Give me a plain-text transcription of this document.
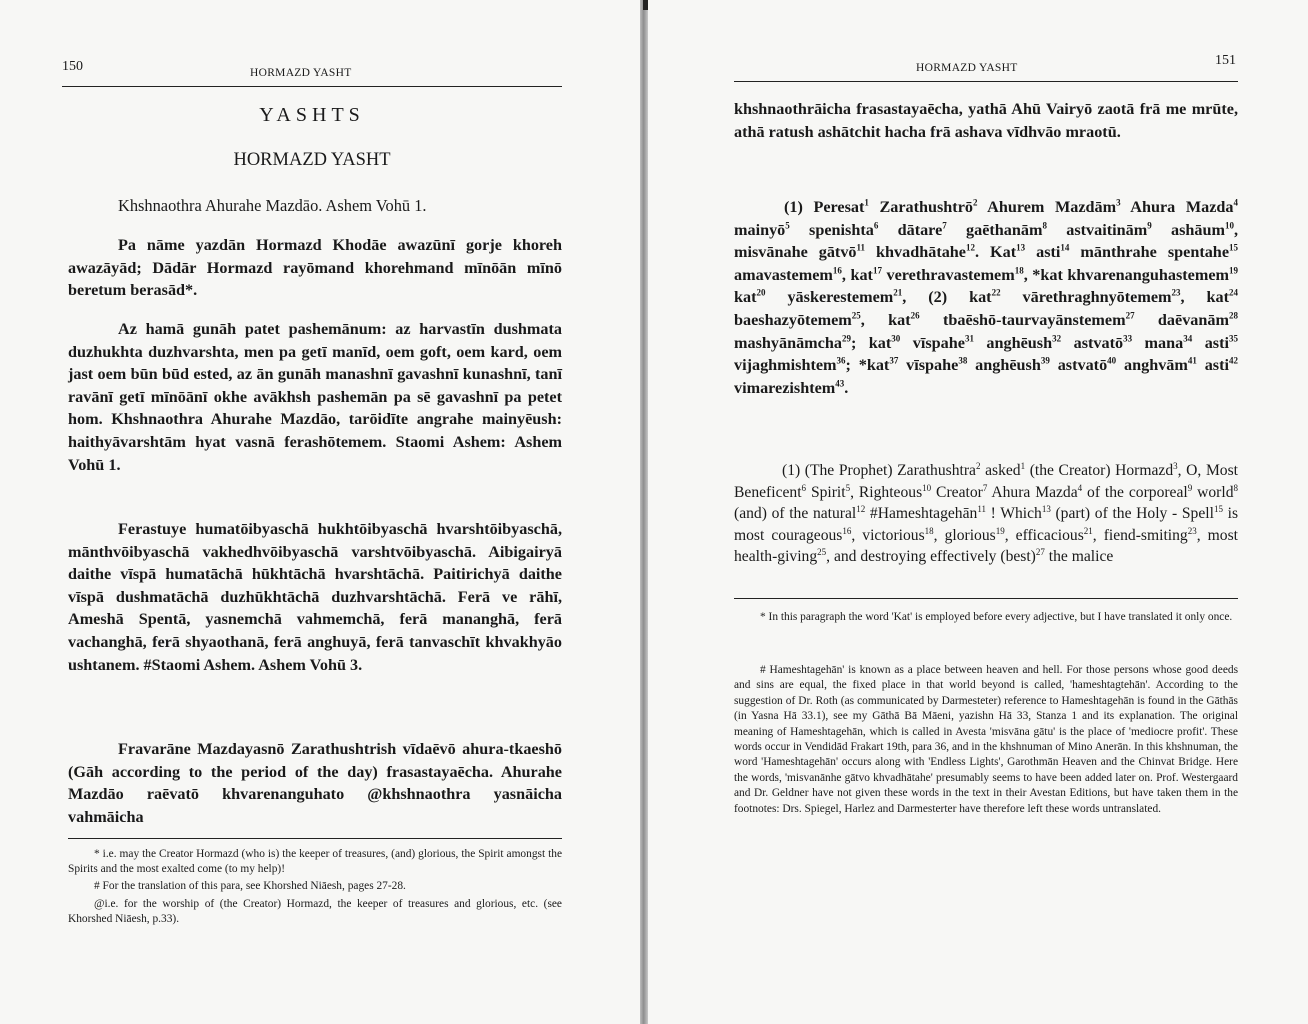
150	HORMAZD YASHT
YASHTS
HORMAZD YASHT

Khshnaothra Ahurahe Mazdāo. Ashem Vohū 1.

Pa nāme yazdān Hormazd Khodāe awazūnī gorje khoreh awazāyād; Dādār Hormazd rayōmand khorehmand mīnōān mīnō beretum berasād*.

Az hamā gunāh patet pashemānum: az harvastīn dushmata duzhukhta duzhvarshta, men pa getī manīd, oem goft, oem kard, oem jast oem būn būd ested, az ān gunāh manashnī gavashnī kunashnī, tanī ravānī getī mīnōānī okhe avākhsh pashemān pa sē gavashnī pa petet hom. Khshnaothra Ahurahe Mazdāo, tarōidīte angrahe mainyēush: haithyāvarshtām hyat vasnā ferashōtemem. Staomi Ashem: Ashem Vohū 1.

Ferastuye humatōibyaschā hukhtōibyaschā hvarshtōibyaschā, mānthvōibyaschā vakhedhvōibyaschā varshtvōibyaschā. Aibigairyā daithe vīspā humatāchā hūkhtāchā hvarshtāchā. Paitirichyā daithe vīspā dushmatāchā duzhūkhtāchā duzhvarshtāchā. Ferā ve rāhī, Ameshā Spentā, yasnemchā vahmemchā, ferā mananghā, ferā vachanghā, ferā shyaothanā, ferā anghuyā, ferā tanvaschīt khvakhyāo ushtanem. #Staomi Ashem. Ashem Vohū 3.

Fravarāne Mazdayasnō Zarathushtrish vīdaēvō ahura-tkaeshō (Gāh according to the period of the day) frasastayaēcha. Ahurahe Mazdāo raēvatō khvarenanguhato @khshnaothra yasnāicha vahmāicha

* i.e. may the Creator Hormazd (who is) the keeper of treasures, (and) glorious, the Spirit amongst the Spirits and the most exalted come (to my help)!

# For the translation of this para, see Khorshed Niāesh, pages 27-28.

@i.e. for the worship of (the Creator) Hormazd, the keeper of treasures and glorious, etc. (see Khorshed Niāesh, p.33).

HORMAZD YASHT	151

khshnaothrāicha frasastayaēcha, yathā Ahū Vairyō zaotā frā me mrūte, athā ratush ashātchit hacha frā ashava vīdhvāo mraotū.

(1) Peresat$^1$ Zarathushtrō$^2$ Ahurem Mazdām$^3$ Ahura Mazda$^4$ mainyō$^5$ spenishta$^6$ dātare$^7$ gaēthanām$^8$ astvaitinām$^9$ ashāum$^{10}$, misvānahe gātvō$^{11}$ khvadhātahe$^{12}$. Kat$^{13}$ asti$^{14}$ mānthrahe spentahe$^{15}$ amavastemem$^{16}$, kat$^{17}$ verethravastemem$^{18}$, *kat khvarenanguhastemem$^{19}$ kat$^{20}$ yāskerestemem$^{21}$, (2) kat$^{22}$ vārethraghnyōtemem$^{23}$, kat$^{24}$ baeshazyōtemem$^{25}$, kat$^{26}$ tbaēshō-taurvayānstemem$^{27}$ daēvanām$^{28}$ mashyānāmcha$^{29}$; kat$^{30}$ vīspahe$^{31}$ anghēush$^{32}$ astvatō$^{33}$ mana$^{34}$ asti$^{35}$ vijaghmishtem$^{36}$; *kat$^{37}$ vīspahe$^{38}$ anghēush$^{39}$ astvatō$^{40}$ anghvām$^{41}$ asti$^{42}$ vimarezishtem$^{43}$.

(1) (The Prophet) Zarathushtra$^2$ asked$^1$ (the Creator) Hormazd$^3$, O, Most Beneficent$^6$ Spirit$^5$, Righteous$^{10}$ Creator$^7$ Ahura Mazda$^4$ of the corporeal$^9$ world$^8$ (and) of the natural$^{12}$ #Hameshtagehān$^{11}$ ! Which$^{13}$ (part) of the Holy - Spell$^{15}$ is most courageous$^{16}$, victorious$^{18}$, glorious$^{19}$, efficacious$^{21}$, fiend-smiting$^{23}$, most health-giving$^{25}$, and destroying effectively (best)$^{27}$ the malice

* In this paragraph the word 'Kat' is employed before every adjective, but I have translated it only once.

# Hameshtagehān' is known as a place between heaven and hell. For those persons whose good deeds and sins are equal, the fixed place in that world beyond is called, 'hameshtagtehān'. According to the suggestion of Dr. Roth (as communicated by Darmesteter) reference to Hameshtagehān is found in the Gāthās (in Yasna Hā 33.1), see my Gāthā Bā Māeni, yazishn Hā 33, Stanza 1 and its explanation. The original meaning of Hameshtagehān, which is called in Avesta 'misvāna gātu' is the place of 'mediocre profit'. These words occur in Vendidād Frakart 19th, para 36, and in the khshnuman of Mino Anerān. In this khshnuman, the word 'Hameshtagehān' occurs along with 'Endless Lights', Garothmān Heaven and the Chinvat Bridge. Here the words, 'misvanānhe gātvo khvadhātahe' presumably seems to have been added later on. Prof. Westergaard and Dr. Geldner have not given these words in the text in their Avestan Editions, but have taken them in the footnotes: Drs. Spiegel, Harlez and Darmesterter have therefore left these words untranslated.
